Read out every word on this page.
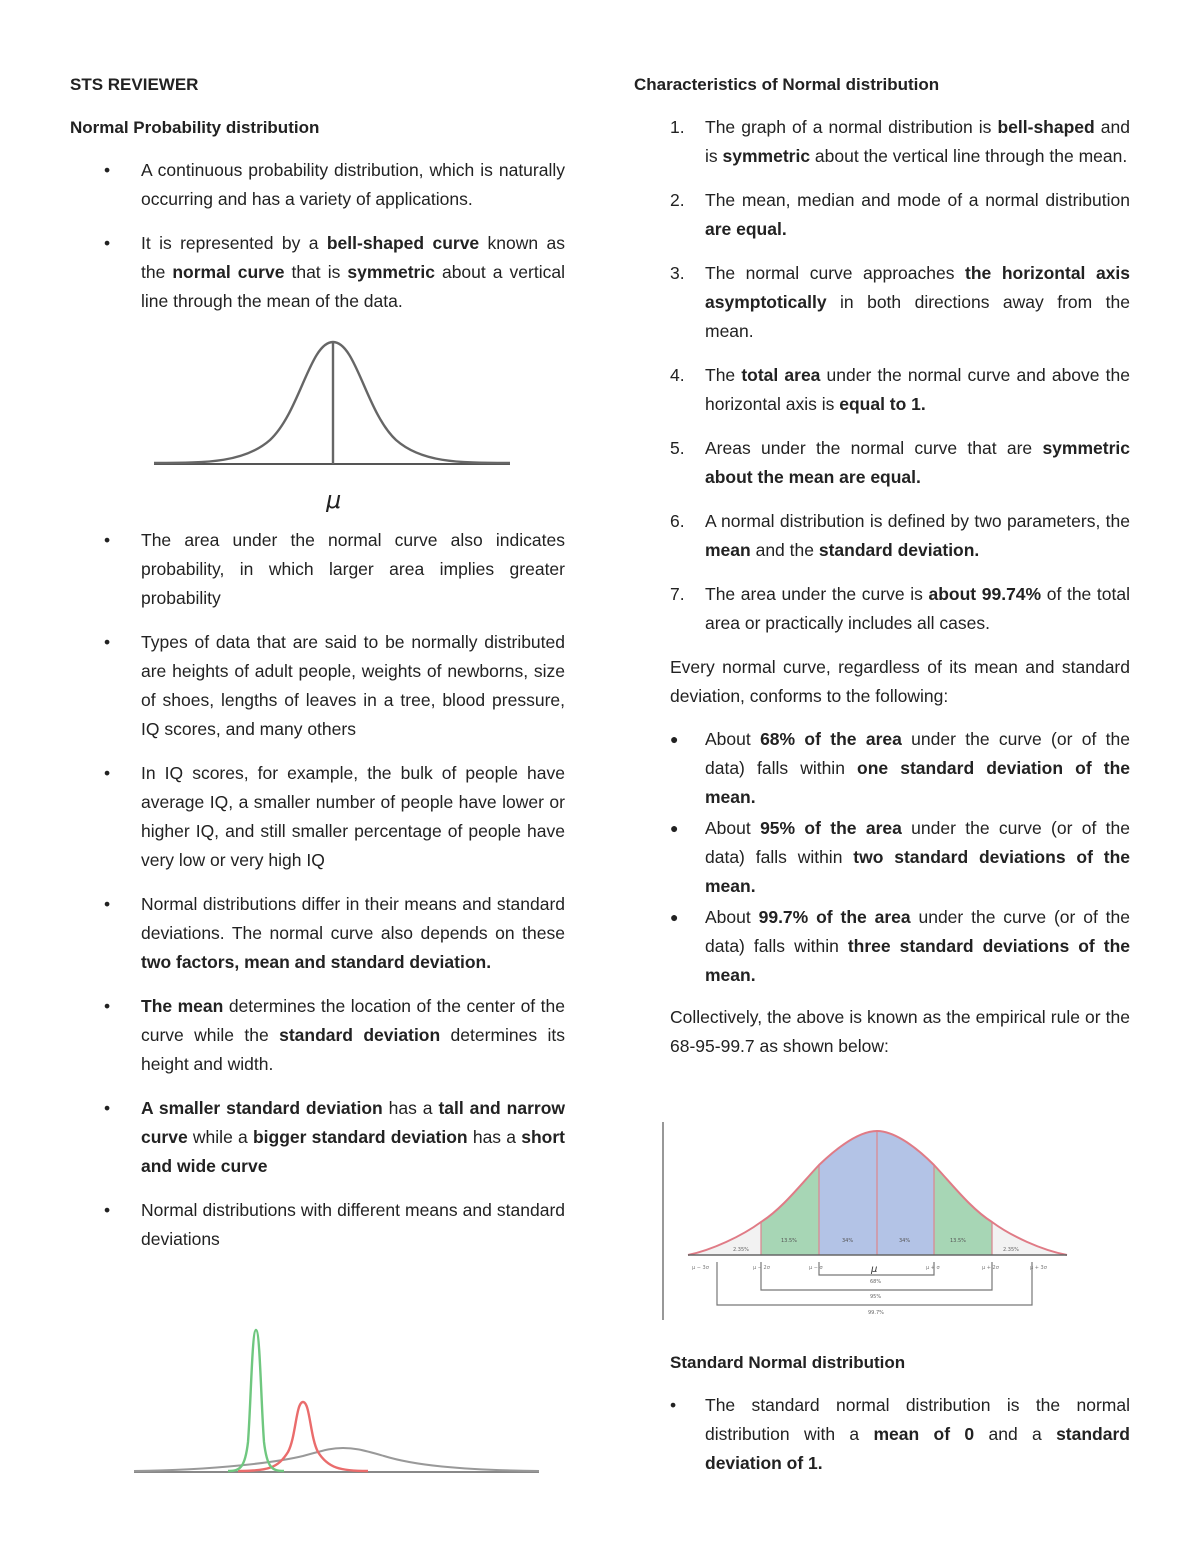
STS REVIEWER
Normal Probability distribution
• A continuous probability distribution, which is naturally occurring and has a variety of applications.
• It is represented by a bell-shaped curve known as the normal curve that is symmetric about a vertical line through the mean of the data.
μ
• The area under the normal curve also indicates probability, in which larger area implies greater probability
• Types of data that are said to be normally distributed are heights of adult people, weights of newborns, size of shoes, lengths of leaves in a tree, blood pressure, IQ scores, and many others
• In IQ scores, for example, the bulk of people have average IQ, a smaller number of people have lower or higher IQ, and still smaller percentage of people have very low or very high IQ
• Normal distributions differ in their means and standard deviations. The normal curve also depends on these two factors, mean and standard deviation.
• The mean determines the location of the center of the curve while the standard deviation determines its height and width.
• A smaller standard deviation has a tall and narrow curve while a bigger standard deviation has a short and wide curve
• Normal distributions with different means and standard deviations
Characteristics of Normal distribution
1. The graph of a normal distribution is bell-shaped and is symmetric about the vertical line through the mean.
2. The mean, median and mode of a normal distribution are equal.
3. The normal curve approaches the horizontal axis asymptotically in both directions away from the mean.
4. The total area under the normal curve and above the horizontal axis is equal to 1.
5. Areas under the normal curve that are symmetric about the mean are equal.
6. A normal distribution is defined by two parameters, the mean and the standard deviation.
7. The area under the curve is about 99.74% of the total area or practically includes all cases.
Every normal curve, regardless of its mean and standard deviation, conforms to the following:
● About 68% of the area under the curve (or of the data) falls within one standard deviation of the mean.
● About 95% of the area under the curve (or of the data) falls within two standard deviations of the mean.
● About 99.7% of the area under the curve (or of the data) falls within three standard deviations of the mean.
Collectively, the above is known as the empirical rule or the 68-95-99.7 as shown below:
2.35%
13.5%	34%	34%	13.5%
2.35%
μ − 3σ	μ − 2σ	μ − σ	μ	μ + σ	μ + 2σ	μ + 3σ
68%
95%
99.7%
Standard Normal distribution
• The standard normal distribution is the normal distribution with a mean of 0 and a standard deviation of 1.
